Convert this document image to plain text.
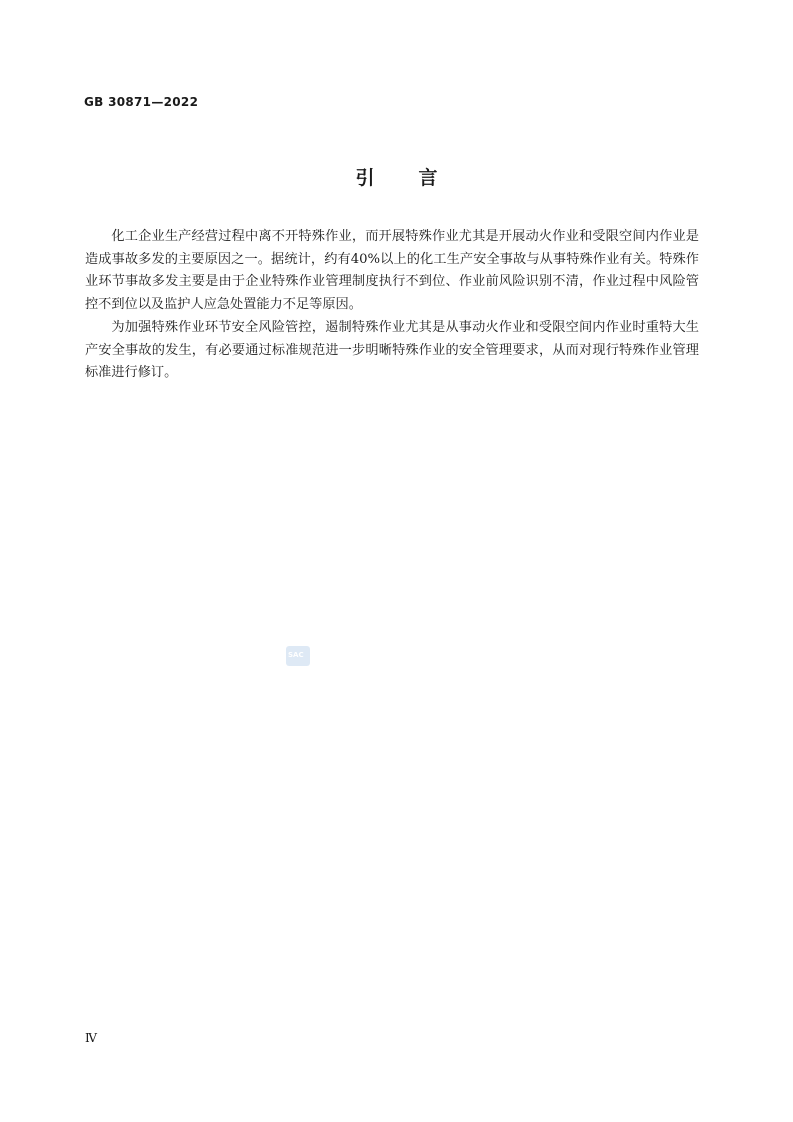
GB 30871—2022
引 言

化工企业生产经营过程中离不开特殊作业，而开展特殊作业尤其是开展动火作业和受限空间内作业是造成事故多发的主要原因之一。据统计，约有40%以上的化工生产安全事故与从事特殊作业有关。特殊作业环节事故多发主要是由于企业特殊作业管理制度执行不到位、作业前风险识别不清，作业过程中风险管控不到位以及监护人应急处置能力不足等原因。

为加强特殊作业环节安全风险管控，遏制特殊作业尤其是从事动火作业和受限空间内作业时重特大生产安全事故的发生，有必要通过标准规范进一步明晰特殊作业的安全管理要求，从而对现行特殊作业管理标准进行修订。

SAC
Ⅳ
